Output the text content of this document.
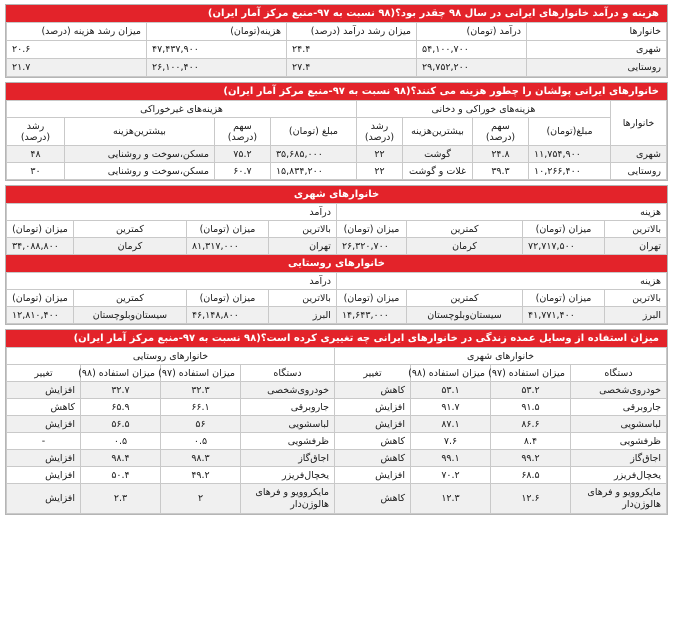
هزینه و درآمد خانوارهای ایرانی در سال ۹۸ چقدر بود؟(۹۸ نسبت به ۹۷-منبع مرکز آمار ایران)
خانوارها	درآمد (تومان)	میزان رشد درآمد (درصد)	هزینه(تومان)	میزان رشد هزینه (درصد)
شهری	۵۴,۱۰۰,۷۰۰	۲۴.۴	۴۷,۴۳۷,۹۰۰	۲۰.۶
روستایی	۲۹,۷۵۲,۲۰۰	۲۷.۴	۲۶,۱۰۰,۴۰۰	۲۱.۷
خانوارهای ایرانی پولشان را چطور هزینه می کنند؟(۹۸ نسبت به ۹۷-منبع مرکز آمار ایران)
خانوارها	هزینه‌های خوراکی و دخانی				هزینه‌های غیرخوراکی			
	مبلغ(تومان)	سهم (درصد)	بیشترین‌هزینه	رشد (درصد)	مبلغ (تومان)	سهم (درصد)	بیشترین‌هزینه	رشد (درصد)
شهری	۱۱,۷۵۴,۹۰۰	۲۴.۸	گوشت	۲۲	۳۵,۶۸۵,۰۰۰	۷۵.۲	مسکن،سوخت و روشنایی	۴۸
روستایی	۱۰,۲۶۶,۴۰۰	۳۹.۳	غلات و گوشت	۲۲	۱۵,۸۳۴,۲۰۰	۶۰.۷	مسکن،سوخت و روشنایی	۳۰
خانوارهای شهری
هزینه				درآمد			
بالاترین	میزان (تومان)	کمترین	میزان (تومان)	بالاترین	میزان (تومان)	کمترین	میزان (تومان)
تهران	۷۲,۷۱۷,۵۰۰	کرمان	۲۶,۳۲۰,۷۰۰	تهران	۸۱,۳۱۷,۰۰۰	کرمان	۳۴,۰۸۸,۸۰۰
خانوارهای روستایی
هزینه				درآمد			
بالاترین	میزان (تومان)	کمترین	میزان (تومان)	بالاترین	میزان (تومان)	کمترین	میزان (تومان)
البرز	۴۱,۷۷۱,۴۰۰	سیستان‌وبلوچستان	۱۴,۶۴۳,۰۰۰	البرز	۴۶,۱۴۸,۸۰۰	سیستان‌وبلوچستان	۱۲,۸۱۰,۴۰۰
میزان استفاده از وسایل عمده زندگی در خانوارهای ایرانی چه تغییری کرده است؟(۹۸ نسبت به ۹۷-منبع مرکز آمار ایران)
خانوارهای شهری				خانوارهای روستایی			
دستگاه	میزان استفاده (۹۷)	میزان استفاده (۹۸)	تغییر	دستگاه	میزان استفاده (۹۷)	میزان استفاده (۹۸)	تغییر
خودروی‌شخصی	۵۳.۲	۵۳.۱	کاهش	خودروی‌شخصی	۳۲.۳	۳۲.۷	افزایش
جاروبرقی	۹۱.۵	۹۱.۷	افزایش	جاروبرقی	۶۶.۱	۶۵.۹	کاهش
لباسشویی	۸۶.۶	۸۷.۱	افزایش	لباسشویی	۵۶	۵۶.۵	افزایش
ظرفشویی	۸.۴	۷.۶	کاهش	ظرفشویی	۰.۵	۰.۵	-
اجاق‌گاز	۹۹.۲	۹۹.۱	کاهش	اجاق‌گاز	۹۸.۳	۹۸.۴	افزایش
یخچال‌فریزر	۶۸.۵	۷۰.۲	افزایش	یخچال‌فریزر	۴۹.۲	۵۰.۴	افزایش
مایکروویو و فرهای هالوژن‌دار	۱۲.۶	۱۲.۳	کاهش	مایکروویو و فرهای هالوژن‌دار	۲	۲.۳	افزایش
